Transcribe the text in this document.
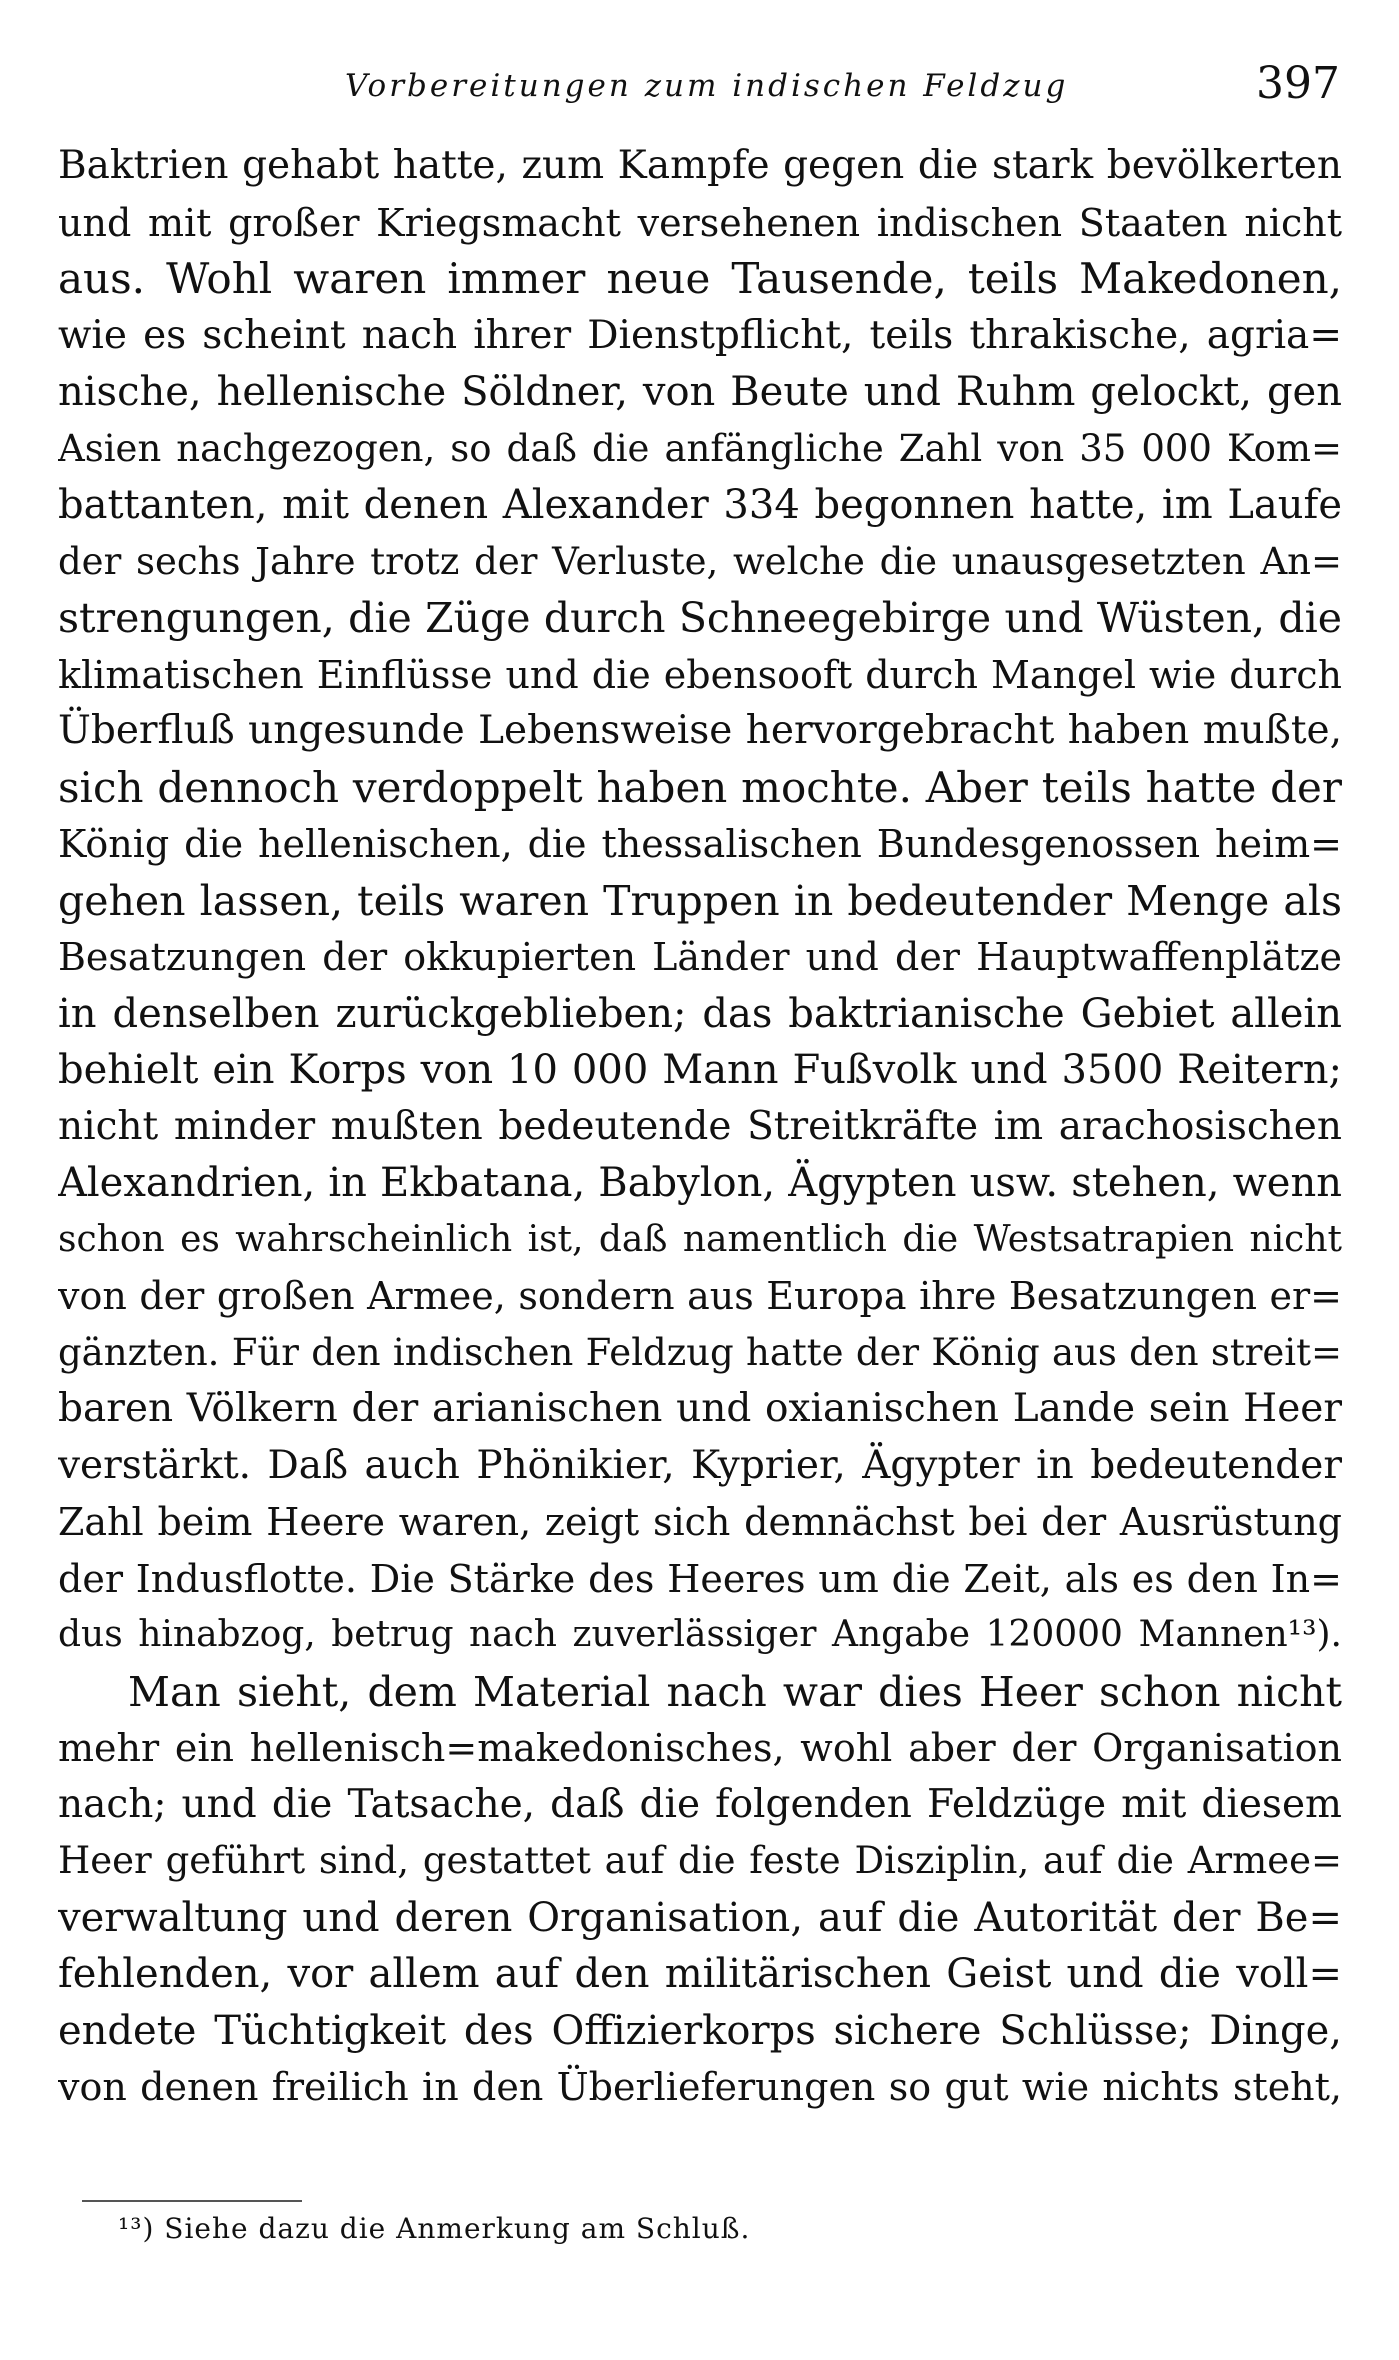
Vorbereitungen zum indischen Feldzug	397
Baktrien gehabt hatte, zum Kampfe gegen die stark bevölkerten
und mit großer Kriegsmacht versehenen indischen Staaten nicht
aus. Wohl waren immer neue Tausende, teils Makedonen,
wie es scheint nach ihrer Dienstpflicht, teils thrakische, agria=
nische, hellenische Söldner, von Beute und Ruhm gelockt, gen
Asien nachgezogen, so daß die anfängliche Zahl von 35 000 Kom=
battanten, mit denen Alexander 334 begonnen hatte, im Laufe
der sechs Jahre trotz der Verluste, welche die unausgesetzten An=
strengungen, die Züge durch Schneegebirge und Wüsten, die
klimatischen Einflüsse und die ebensooft durch Mangel wie durch
Überfluß ungesunde Lebensweise hervorgebracht haben mußte,
sich dennoch verdoppelt haben mochte. Aber teils hatte der
König die hellenischen, die thessalischen Bundesgenossen heim=
gehen lassen, teils waren Truppen in bedeutender Menge als
Besatzungen der okkupierten Länder und der Hauptwaffenplätze
in denselben zurückgeblieben; das baktrianische Gebiet allein
behielt ein Korps von 10 000 Mann Fußvolk und 3500 Reitern;
nicht minder mußten bedeutende Streitkräfte im arachosischen
Alexandrien, in Ekbatana, Babylon, Ägypten usw. stehen, wenn
schon es wahrscheinlich ist, daß namentlich die Westsatrapien nicht
von der großen Armee, sondern aus Europa ihre Besatzungen er=
gänzten. Für den indischen Feldzug hatte der König aus den streit=
baren Völkern der arianischen und oxianischen Lande sein Heer
verstärkt. Daß auch Phönikier, Kyprier, Ägypter in bedeutender
Zahl beim Heere waren, zeigt sich demnächst bei der Ausrüstung
der Indusflotte. Die Stärke des Heeres um die Zeit, als es den In=
dus hinabzog, betrug nach zuverlässiger Angabe 120000 Mannen¹³).
Man sieht, dem Material nach war dies Heer schon nicht
mehr ein hellenisch=makedonisches, wohl aber der Organisation
nach; und die Tatsache, daß die folgenden Feldzüge mit diesem
Heer geführt sind, gestattet auf die feste Disziplin, auf die Armee=
verwaltung und deren Organisation, auf die Autorität der Be=
fehlenden, vor allem auf den militärischen Geist und die voll=
endete Tüchtigkeit des Offizierkorps sichere Schlüsse; Dinge,
von denen freilich in den Überlieferungen so gut wie nichts steht,
¹³) Siehe dazu die Anmerkung am Schluß.
